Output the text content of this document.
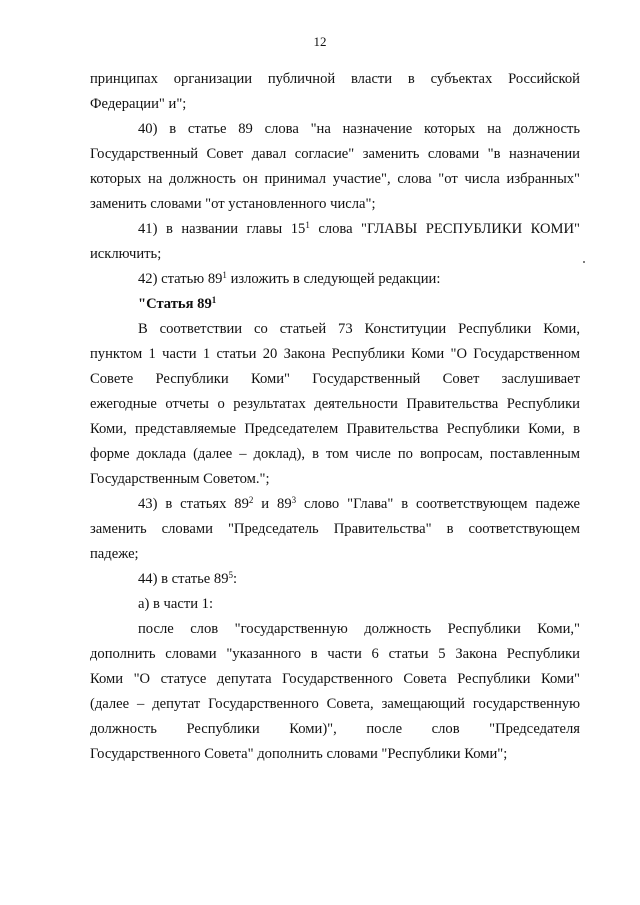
12

принципах организации публичной власти в субъектах Российской
Федерации" и";

40) в статье 89 слова "на назначение которых на должность
Государственный Совет давал согласие" заменить словами "в назначении
которых на должность он принимал участие", слова "от числа избранных"
заменить словами "от установленного числа";

41) в названии главы $15^1$ слова "ГЛАВЫ РЕСПУБЛИКИ КОМИ"
исключить;

42) статью $89^1$ изложить в следующей редакции:

"Статья $89^1$

В соответствии со статьей 73 Конституции Республики Коми,
пунктом 1 части 1 статьи 20 Закона Республики Коми "О Государственном
Совете Республики Коми" Государственный Совет заслушивает
ежегодные отчеты о результатах деятельности Правительства Республики
Коми, представляемые Председателем Правительства Республики Коми, в
форме доклада (далее – доклад), в том числе по вопросам, поставленным
Государственным Советом.";

43) в статьях $89^2$ и $89^3$ слово "Глава" в соответствующем падеже
заменить словами "Председатель Правительства" в соответствующем
падеже;

44) в статье $89^5$:

а) в части 1:

после слов "государственную должность Республики Коми,"
дополнить словами "указанного в части 6 статьи 5 Закона Республики
Коми "О статусе депутата Государственного Совета Республики Коми"
(далее – депутат Государственного Совета, замещающий государственную
должность Республики Коми)", после слов "Председателя
Государственного Совета" дополнить словами "Республики Коми";
